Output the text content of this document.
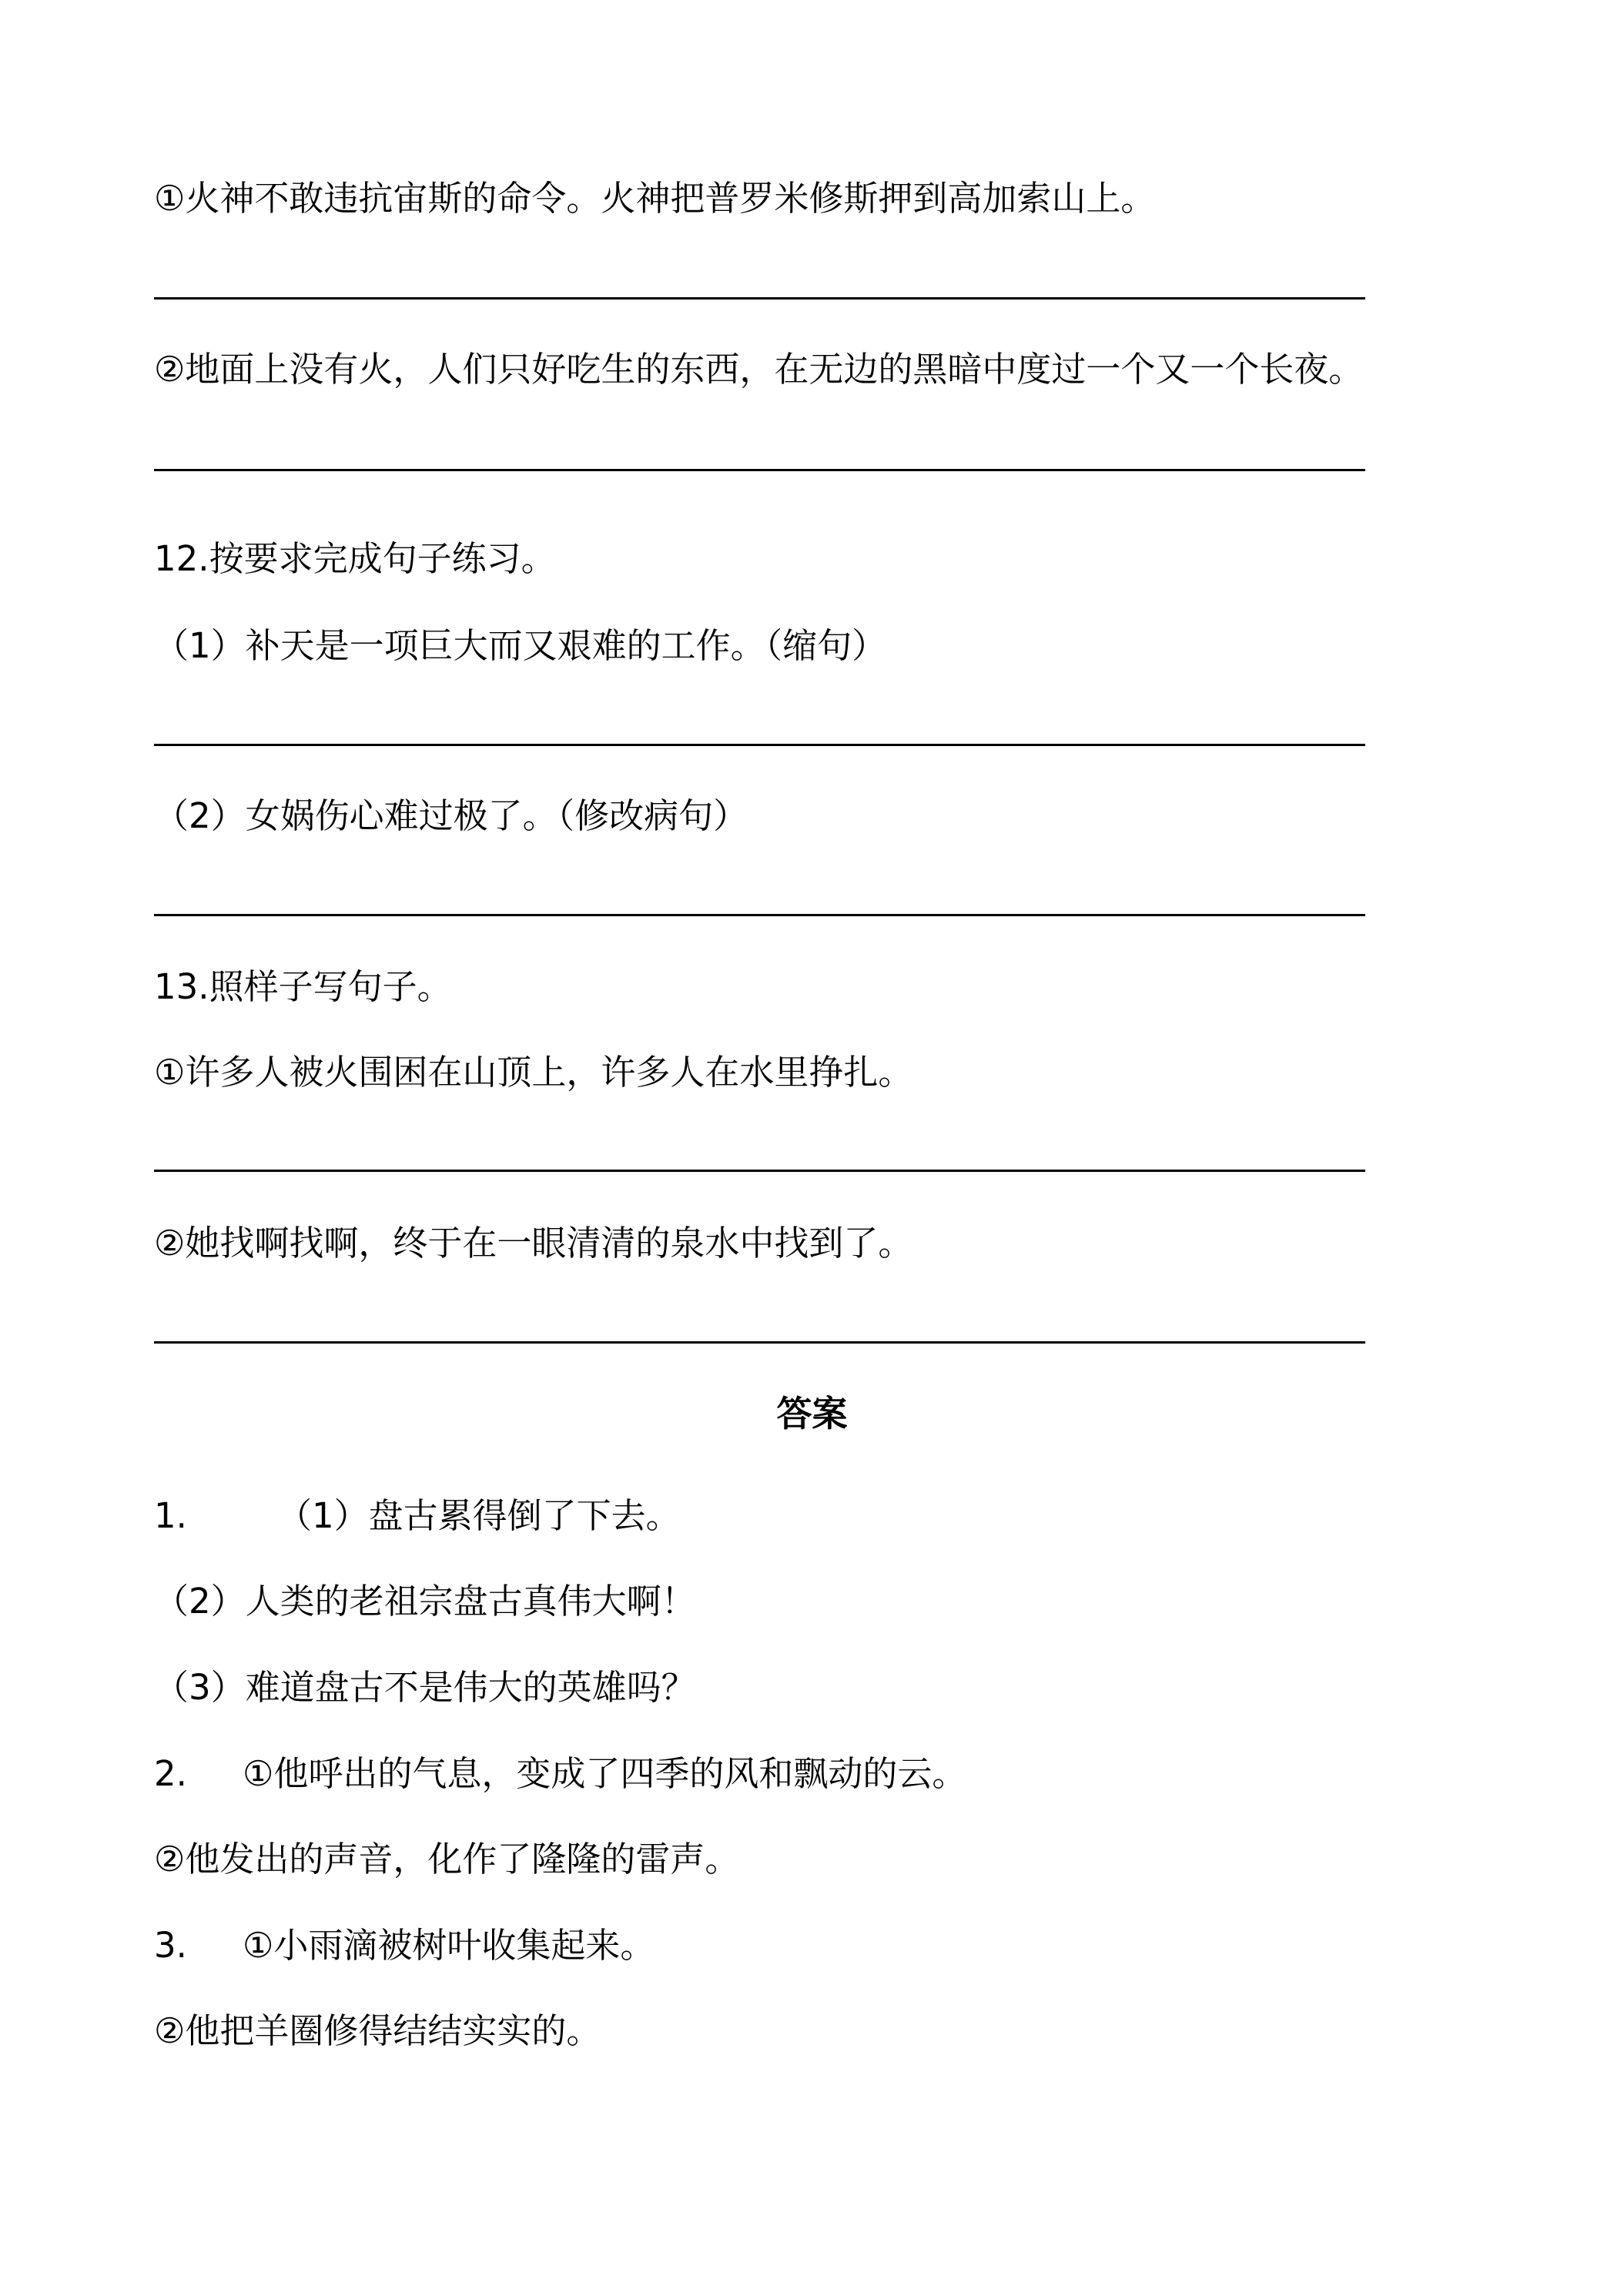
①火神不敢违抗宙斯的命令。火神把普罗米修斯押到高加索山上。
②地面上没有火，人们只好吃生的东西，在无边的黑暗中度过一个又一个长夜。
12.按要求完成句子练习。
（1）补天是一项巨大而又艰难的工作。（缩句）
（2）女娲伤心难过极了。（修改病句）
13.照样子写句子。
①许多人被火围困在山顶上，许多人在水里挣扎。
②她找啊找啊，终于在一眼清清的泉水中找到了。
答案
1.	（1）盘古累得倒了下去。
（2）人类的老祖宗盘古真伟大啊！
（3）难道盘古不是伟大的英雄吗？
2. ①他呼出的气息，变成了四季的风和飘动的云。
②他发出的声音，化作了隆隆的雷声。
3. ①小雨滴被树叶收集起来。
②他把羊圈修得结结实实的。
